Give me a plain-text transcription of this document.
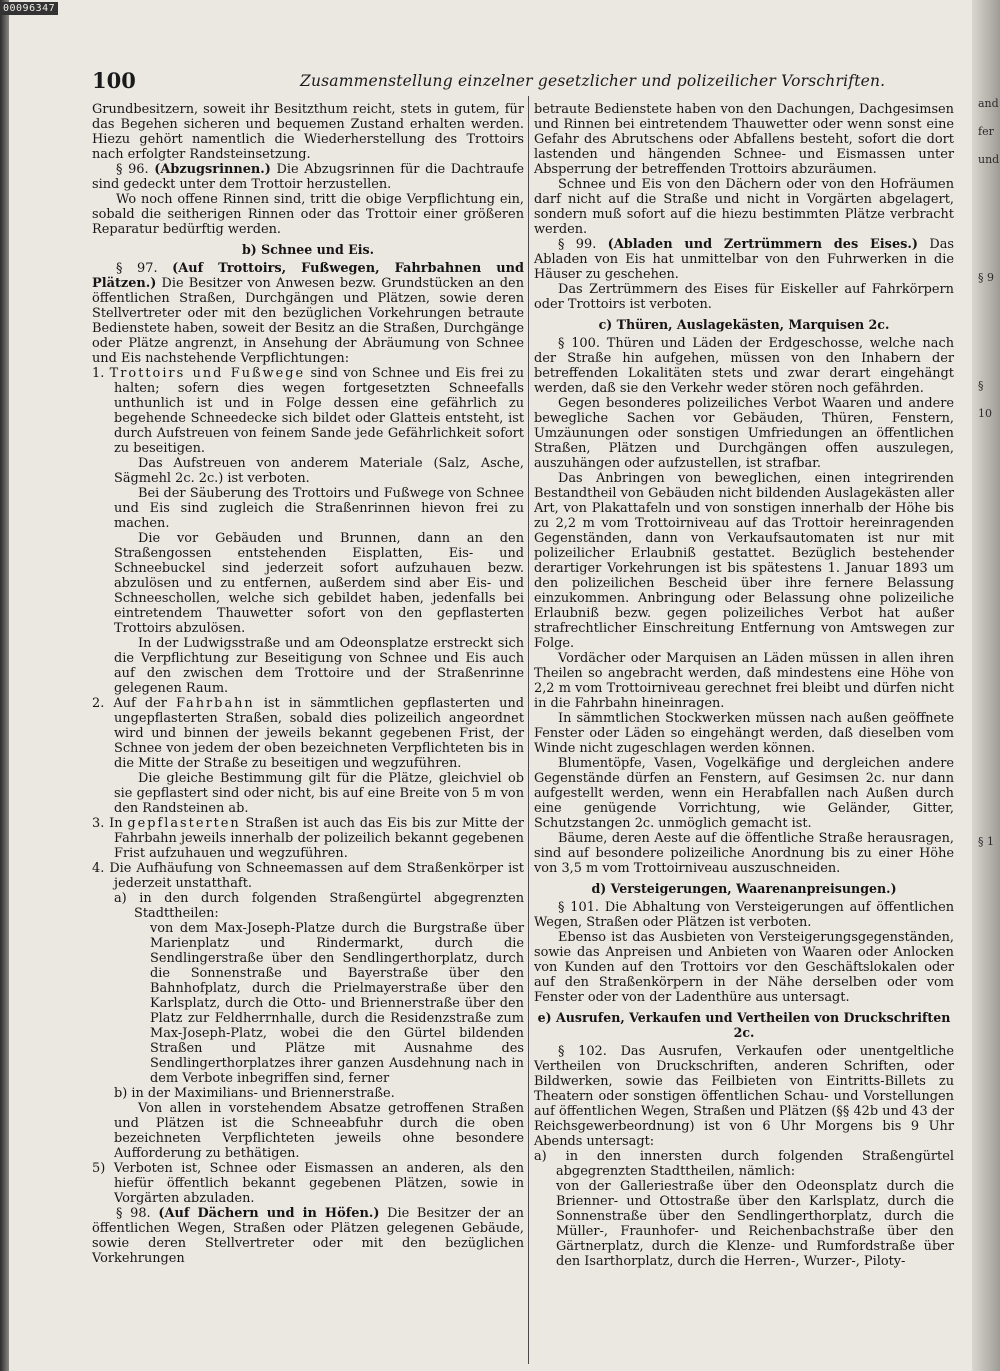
00096347
100	Zusammenstellung einzelner gesetzlicher und polizeilicher Vorschriften.

Grundbesitzern, soweit ihr Besitzthum reicht, stets in gutem, für das Begehen sicheren und bequemen Zustand erhalten werden. Hiezu gehört namentlich die Wiederherstellung des Trottoirs nach erfolgter Randsteinsetzung.

§ 96. (Abzugsrinnen.) Die Abzugsrinnen für die Dachtraufe sind gedeckt unter dem Trottoir herzustellen.

Wo noch offene Rinnen sind, tritt die obige Verpflichtung ein, sobald die seitherigen Rinnen oder das Trottoir einer größeren Reparatur bedürftig werden.

b) Schnee und Eis.

§ 97. (Auf Trottoirs, Fußwegen, Fahrbahnen und Plätzen.) Die Besitzer von Anwesen bezw. Grundstücken an den öffentlichen Straßen, Durchgängen und Plätzen, sowie deren Stellvertreter oder mit den bezüglichen Vorkehrungen betraute Bedienstete haben, soweit der Besitz an die Straßen, Durchgänge oder Plätze angrenzt, in Ansehung der Abräumung von Schnee und Eis nachstehende Verpflichtungen:

1. Trottoirs und Fußwege sind von Schnee und Eis frei zu halten; sofern dies wegen fortgesetzten Schneefalls unthunlich ist und in Folge dessen eine gefährlich zu begehende Schneedecke sich bildet oder Glatteis entsteht, ist durch Aufstreuen von feinem Sande jede Gefährlichkeit sofort zu beseitigen.

Das Aufstreuen von anderem Materiale (Salz, Asche, Sägmehl 2c. 2c.) ist verboten.

Bei der Säuberung des Trottoirs und Fußwege von Schnee und Eis sind zugleich die Straßenrinnen hievon frei zu machen.

Die vor Gebäuden und Brunnen, dann an den Straßengossen entstehenden Eisplatten, Eis- und Schneebuckel sind jederzeit sofort aufzuhauen bezw. abzulösen und zu entfernen, außerdem sind aber Eis- und Schneeschollen, welche sich gebildet haben, jedenfalls bei eintretendem Thauwetter sofort von den gepflasterten Trottoirs abzulösen.

In der Ludwigsstraße und am Odeonsplatze erstreckt sich die Verpflichtung zur Beseitigung von Schnee und Eis auch auf den zwischen dem Trottoire und der Straßenrinne gelegenen Raum.

2. Auf der Fahrbahn ist in sämmtlichen gepflasterten und ungepflasterten Straßen, sobald dies polizeilich angeordnet wird und binnen der jeweils bekannt gegebenen Frist, der Schnee von jedem der oben bezeichneten Verpflichteten bis in die Mitte der Straße zu beseitigen und wegzuführen.

Die gleiche Bestimmung gilt für die Plätze, gleichviel ob sie gepflastert sind oder nicht, bis auf eine Breite von 5 m von den Randsteinen ab.

3. In gepflasterten Straßen ist auch das Eis bis zur Mitte der Fahrbahn jeweils innerhalb der polizeilich bekannt gegebenen Frist aufzuhauen und wegzuführen.

4. Die Aufhäufung von Schneemassen auf dem Straßenkörper ist jederzeit unstatthaft.

a) in den durch folgenden Straßengürtel abgegrenzten Stadttheilen:

von dem Max-Joseph-Platze durch die Burgstraße über Marienplatz und Rindermarkt, durch die Sendlingerstraße über den Sendlingerthorplatz, durch die Sonnenstraße und Bayerstraße über den Bahnhofplatz, durch die Prielmayerstraße über den Karlsplatz, durch die Otto- und Briennerstraße über den Platz zur Feldherrnhalle, durch die Residenzstraße zum Max-Joseph-Platz, wobei die den Gürtel bildenden Straßen und Plätze mit Ausnahme des Sendlingerthorplatzes ihrer ganzen Ausdehnung nach in dem Verbote inbegriffen sind, ferner

b) in der Maximilians- und Briennerstraße.

Von allen in vorstehendem Absatze getroffenen Straßen und Plätzen ist die Schneeabfuhr durch die oben bezeichneten Verpflichteten jeweils ohne besondere Aufforderung zu bethätigen.

5) Verboten ist, Schnee oder Eismassen an anderen, als den hiefür öffentlich bekannt gegebenen Plätzen, sowie in Vorgärten abzuladen.

§ 98. (Auf Dächern und in Höfen.) Die Besitzer der an öffentlichen Wegen, Straßen oder Plätzen gelegenen Gebäude, sowie deren Stellvertreter oder mit den bezüglichen Vorkehrungen

betraute Bedienstete haben von den Dachungen, Dachgesimsen und Rinnen bei eintretendem Thauwetter oder wenn sonst eine Gefahr des Abrutschens oder Abfallens besteht, sofort die dort lastenden und hängenden Schnee- und Eismassen unter Absperrung der betreffenden Trottoirs abzuräumen.

Schnee und Eis von den Dächern oder von den Hofräumen darf nicht auf die Straße und nicht in Vorgärten abgelagert, sondern muß sofort auf die hiezu bestimmten Plätze verbracht werden.

§ 99. (Abladen und Zertrümmern des Eises.) Das Abladen von Eis hat unmittelbar von den Fuhrwerken in die Häuser zu geschehen.

Das Zertrümmern des Eises für Eiskeller auf Fahrkörpern oder Trottoirs ist verboten.

c) Thüren, Auslagekästen, Marquisen 2c.

§ 100. Thüren und Läden der Erdgeschosse, welche nach der Straße hin aufgehen, müssen von den Inhabern der betreffenden Lokalitäten stets und zwar derart eingehängt werden, daß sie den Verkehr weder stören noch gefährden.

Gegen besonderes polizeiliches Verbot Waaren und andere bewegliche Sachen vor Gebäuden, Thüren, Fenstern, Umzäunungen oder sonstigen Umfriedungen an öffentlichen Straßen, Plätzen und Durchgängen offen auszulegen, auszuhängen oder aufzustellen, ist strafbar.

Das Anbringen von beweglichen, einen integrirenden Bestandtheil von Gebäuden nicht bildenden Auslagekästen aller Art, von Plakattafeln und von sonstigen innerhalb der Höhe bis zu 2,2 m vom Trottoirniveau auf das Trottoir hereinragenden Gegenständen, dann von Verkaufsautomaten ist nur mit polizeilicher Erlaubniß gestattet. Bezüglich bestehender derartiger Vorkehrungen ist bis spätestens 1. Januar 1893 um den polizeilichen Bescheid über ihre fernere Belassung einzukommen. Anbringung oder Belassung ohne polizeiliche Erlaubniß bezw. gegen polizeiliches Verbot hat außer strafrechtlicher Einschreitung Entfernung von Amtswegen zur Folge.

Vordächer oder Marquisen an Läden müssen in allen ihren Theilen so angebracht werden, daß mindestens eine Höhe von 2,2 m vom Trottoirniveau gerechnet frei bleibt und dürfen nicht in die Fahrbahn hineinragen.

In sämmtlichen Stockwerken müssen nach außen geöffnete Fenster oder Läden so eingehängt werden, daß dieselben vom Winde nicht zugeschlagen werden können.

Blumentöpfe, Vasen, Vogelkäfige und dergleichen andere Gegenstände dürfen an Fenstern, auf Gesimsen 2c. nur dann aufgestellt werden, wenn ein Herabfallen nach Außen durch eine genügende Vorrichtung, wie Geländer, Gitter, Schutzstangen 2c. unmöglich gemacht ist.

Bäume, deren Aeste auf die öffentliche Straße herausragen, sind auf besondere polizeiliche Anordnung bis zu einer Höhe von 3,5 m vom Trottoirniveau auszuschneiden.

d) Versteigerungen, Waarenanpreisungen.)

§ 101. Die Abhaltung von Versteigerungen auf öffentlichen Wegen, Straßen oder Plätzen ist verboten.

Ebenso ist das Ausbieten von Versteigerungsgegenständen, sowie das Anpreisen und Anbieten von Waaren oder Anlocken von Kunden auf den Trottoirs vor den Geschäftslokalen oder auf den Straßenkörpern in der Nähe derselben oder vom Fenster oder von der Ladenthüre aus untersagt.

e) Ausrufen, Verkaufen und Vertheilen von Druckschriften 2c.

§ 102. Das Ausrufen, Verkaufen oder unentgeltliche Vertheilen von Druckschriften, anderen Schriften, oder Bildwerken, sowie das Feilbieten von Eintritts-Billets zu Theatern oder sonstigen öffentlichen Schau- und Vorstellungen auf öffentlichen Wegen, Straßen und Plätzen (§§ 42b und 43 der Reichsgewerbeordnung) ist von 6 Uhr Morgens bis 9 Uhr Abends untersagt:

a) in den innersten durch folgenden Straßengürtel abgegrenzten Stadttheilen, nämlich:

von der Galleriestraße über den Odeonsplatz durch die Brienner- und Ottostraße über den Karlsplatz, durch die Sonnenstraße über den Sendlingerthorplatz, durch die Müller-, Fraunhofer- und Reichenbachstraße über den Gärtnerplatz, durch die Klenze- und Rumfordstraße über den Isarthorplatz, durch die Herren-, Wurzer-, Piloty-

and
fer
und
§ 9
§ 10
§ 1
